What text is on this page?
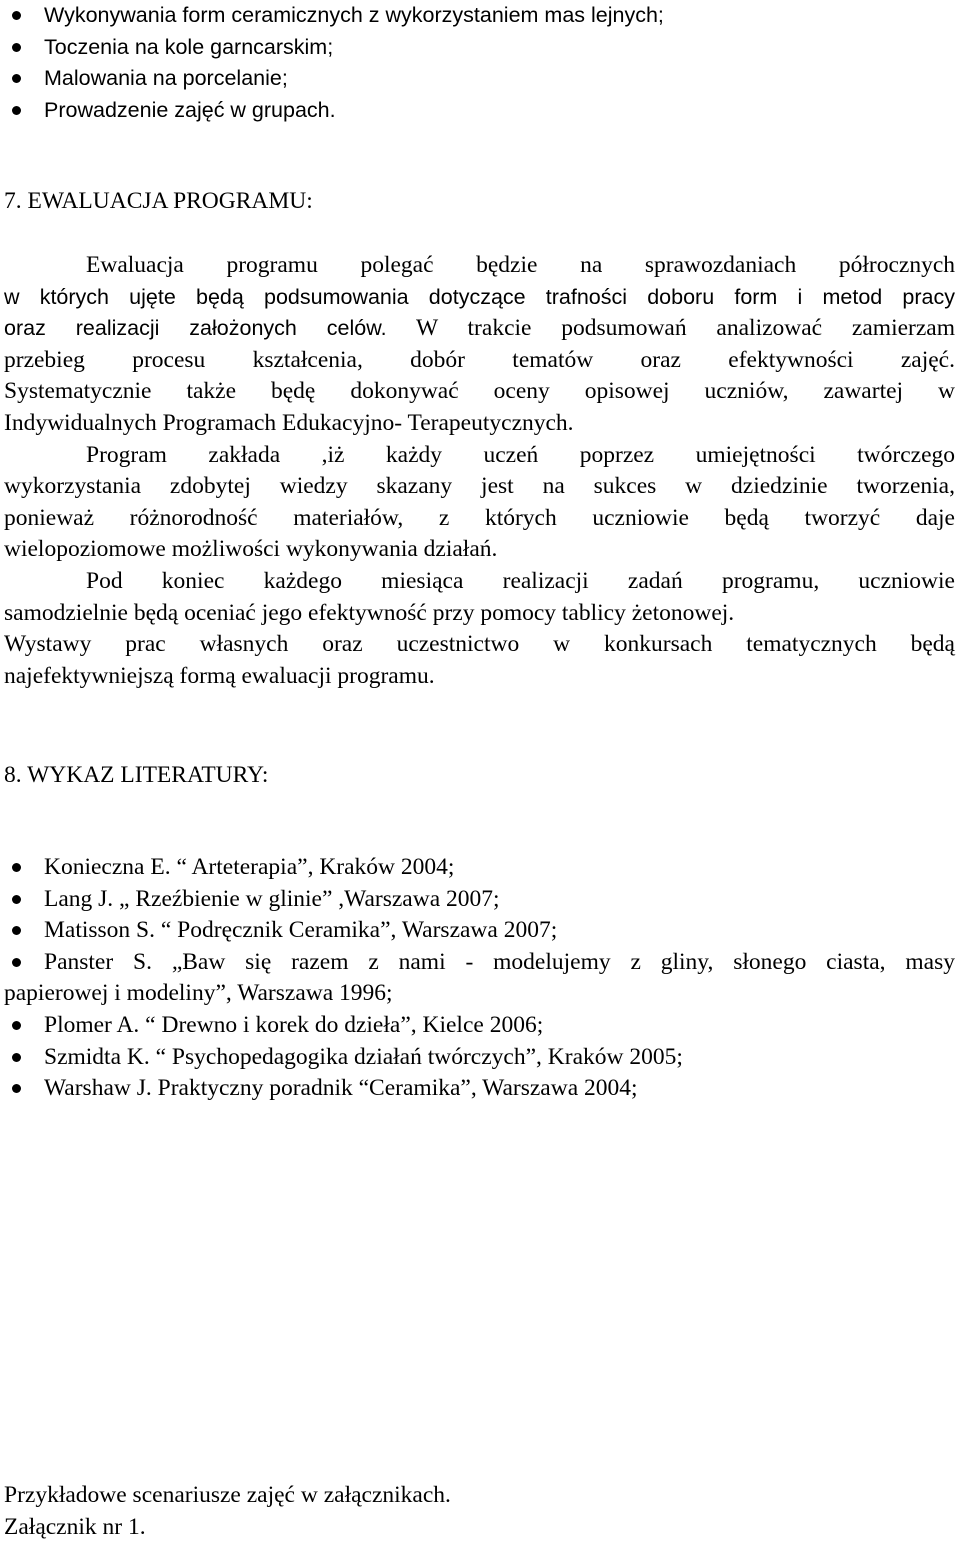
Wykonywania form ceramicznych z wykorzystaniem mas lejnych;
Toczenia na kole garncarskim;
Malowania na porcelanie;
Prowadzenie zajęć w grupach.
7. EWALUACJA PROGRAMU:
Ewaluacja programu polegać będzie na sprawozdaniach półrocznych
w których ujęte będą podsumowania dotyczące trafności doboru form i metod pracy
oraz realizacji założonych celów. W trakcie podsumowań analizować zamierzam
przebieg procesu kształcenia, dobór tematów oraz efektywności zajęć.
Systematycznie także będę dokonywać oceny opisowej uczniów, zawartej w
Indywidualnych Programach Edukacyjno- Terapeutycznych.
Program zakłada ,iż każdy uczeń poprzez umiejętności twórczego
wykorzystania zdobytej wiedzy skazany jest na sukces w dziedzinie tworzenia,
ponieważ różnorodność materiałów, z których uczniowie będą tworzyć daje
wielopoziomowe możliwości wykonywania działań.
Pod koniec każdego miesiąca realizacji zadań programu, uczniowie
samodzielnie będą oceniać jego efektywność przy pomocy tablicy żetonowej.
Wystawy prac własnych oraz uczestnictwo w konkursach tematycznych będą
najefektywniejszą formą ewaluacji programu.
8. WYKAZ LITERATURY:
Konieczna E. “ Arteterapia”, Kraków 2004;
Lang J. „ Rzeźbienie w glinie” ,Warszawa 2007;
Matisson S. “ Podręcznik Ceramika”, Warszawa 2007;
Panster S. „Baw się razem z nami - modelujemy z gliny, słonego ciasta, masy
papierowej i modeliny”, Warszawa 1996;
Plomer A. “ Drewno i korek do dzieła”, Kielce 2006;
Szmidta K. “ Psychopedagogika działań twórczych”, Kraków 2005;
Warshaw J. Praktyczny poradnik “Ceramika”, Warszawa 2004;
Przykładowe scenariusze zajęć w załącznikach.
Załącznik nr 1.
